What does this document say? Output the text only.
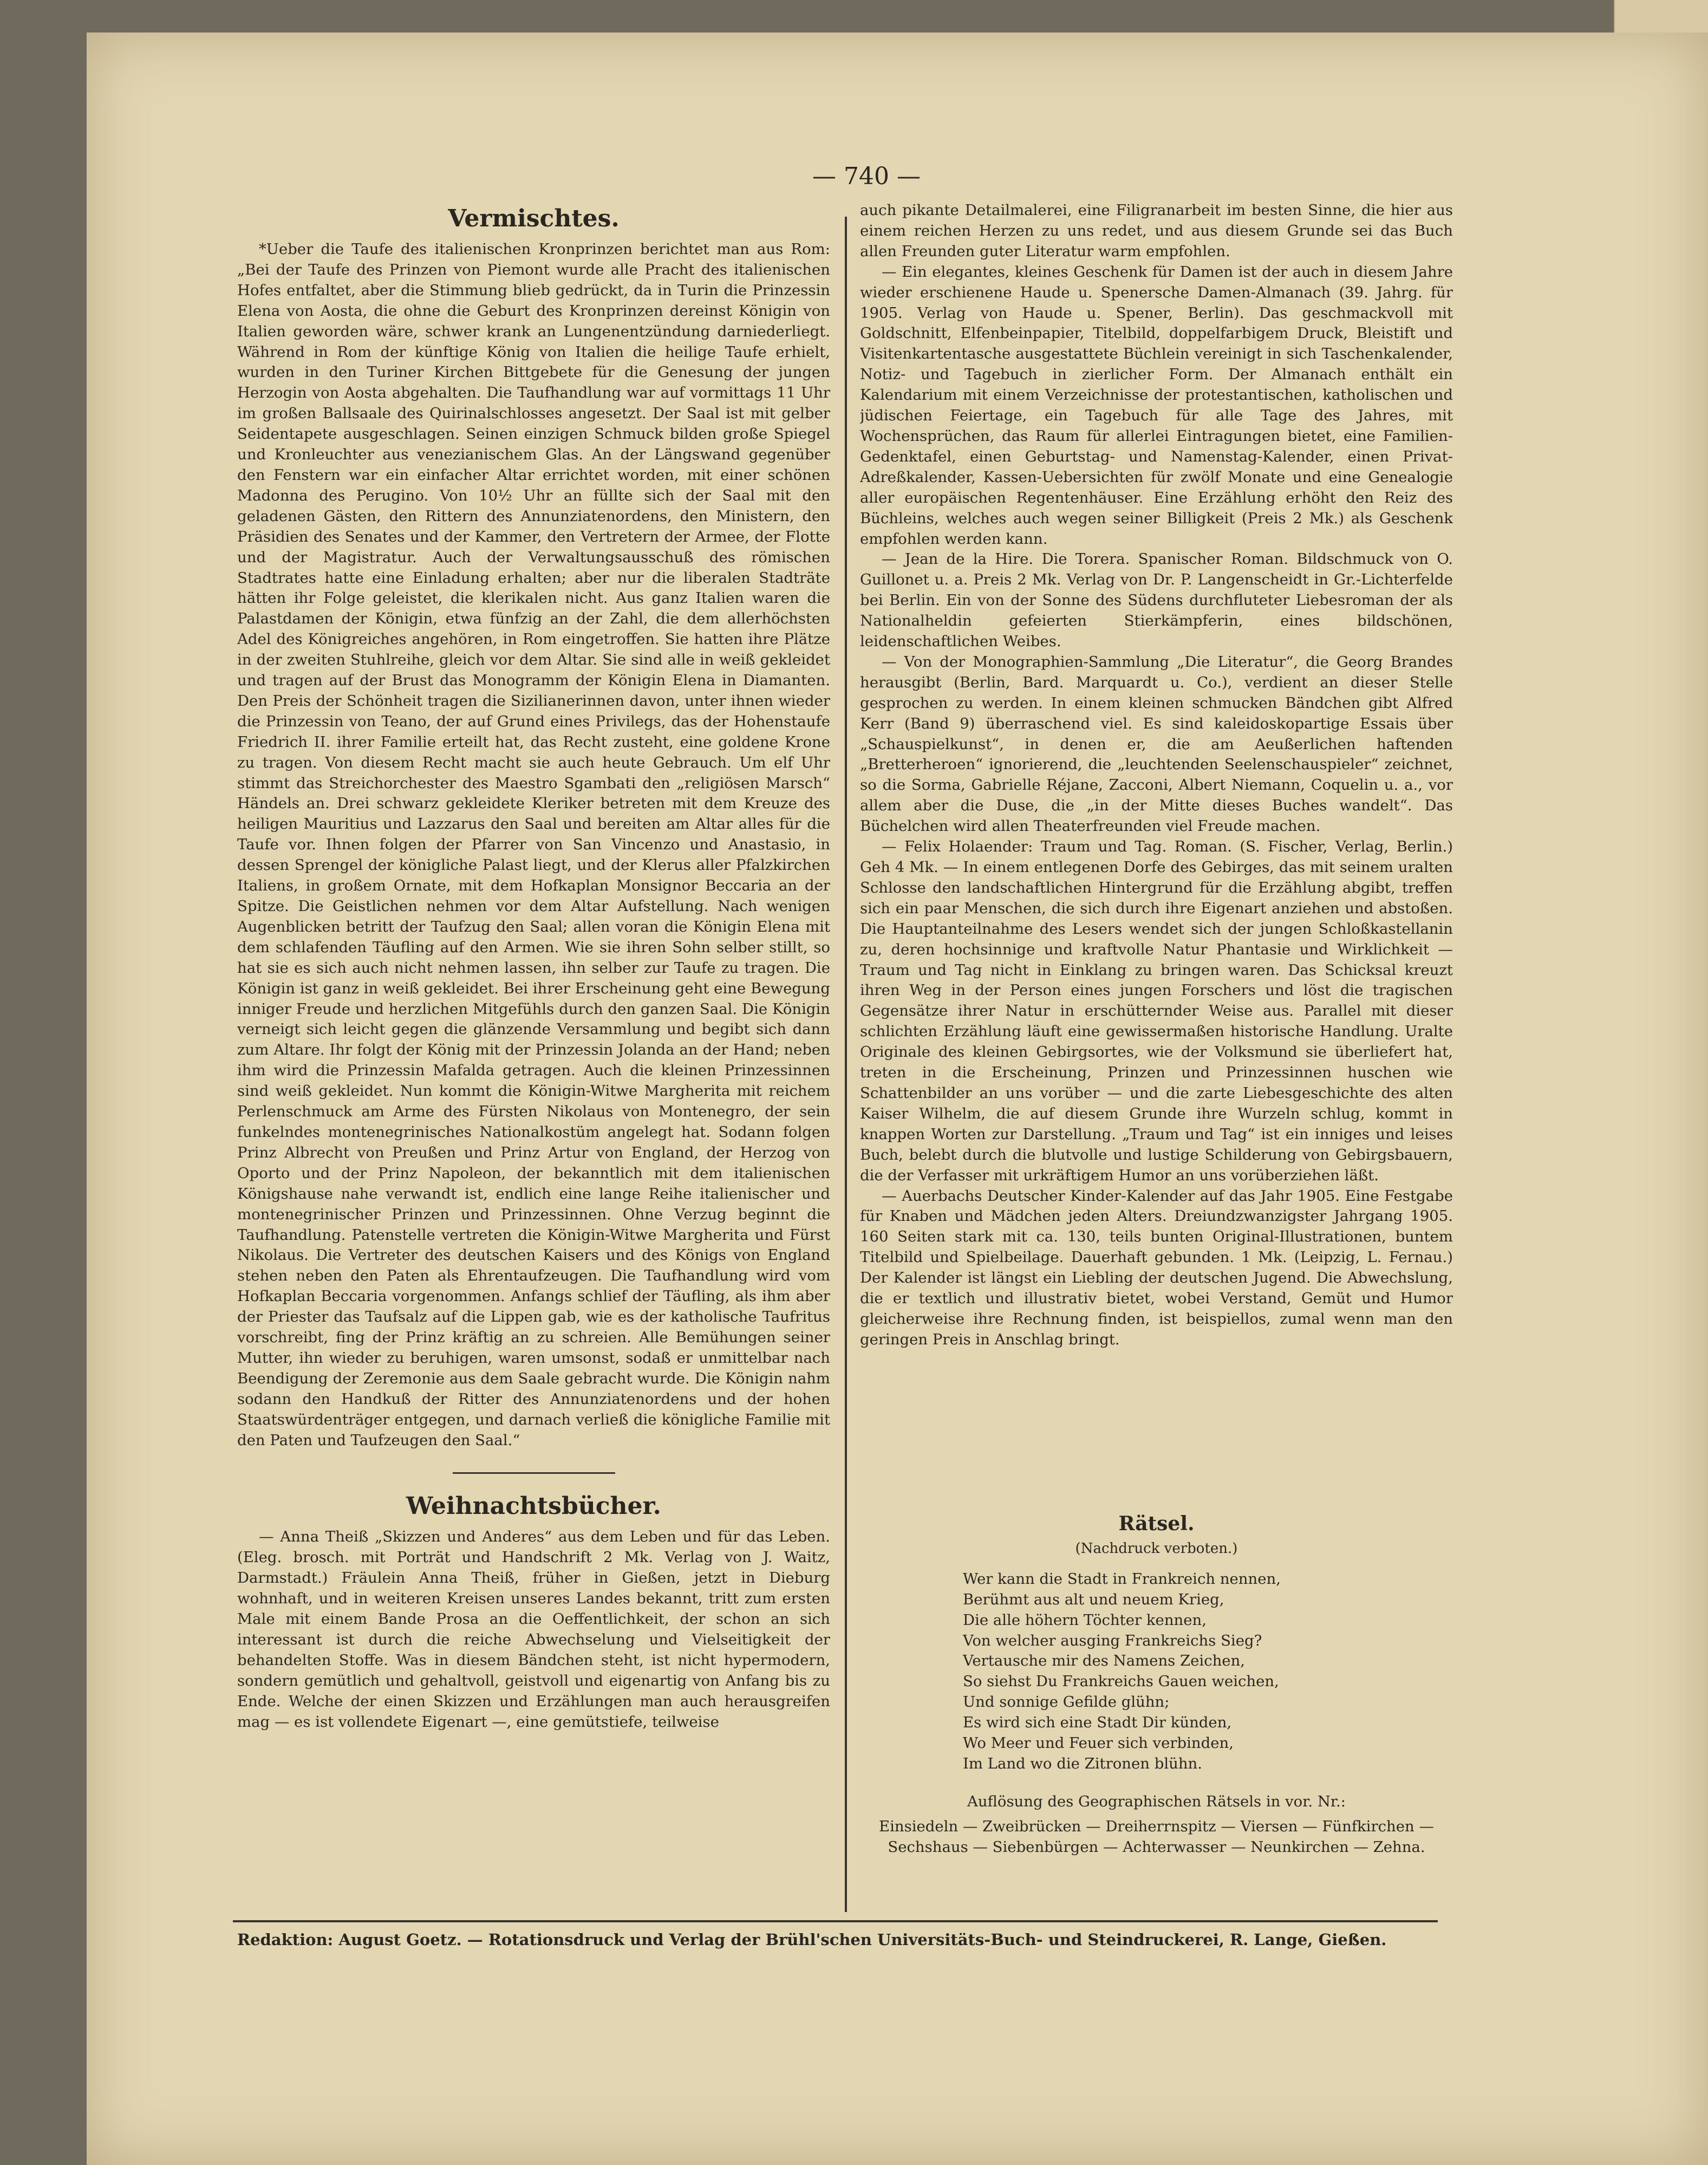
— 740 —
Vermischtes.

*Ueber die Taufe des italienischen Kronprinzen berichtet man aus Rom: „Bei der Taufe des Prinzen von Piemont wurde alle Pracht des italienischen Hofes entfaltet, aber die Stimmung blieb gedrückt, da in Turin die Prinzessin Elena von Aosta, die ohne die Geburt des Kronprinzen dereinst Königin von Italien geworden wäre, schwer krank an Lungenentzündung darniederliegt. Während in Rom der künftige König von Italien die heilige Taufe erhielt, wurden in den Turiner Kirchen Bittgebete für die Genesung der jungen Herzogin von Aosta abgehalten. Die Taufhandlung war auf vormittags 11 Uhr im großen Ballsaale des Quirinalschlosses angesetzt. Der Saal ist mit gelber Seidentapete ausgeschlagen. Seinen einzigen Schmuck bilden große Spiegel und Kronleuchter aus venezianischem Glas. An der Längswand gegenüber den Fenstern war ein einfacher Altar errichtet worden, mit einer schönen Madonna des Perugino. Von 10½ Uhr an füllte sich der Saal mit den geladenen Gästen, den Rittern des Annunziatenordens, den Ministern, den Präsidien des Senates und der Kammer, den Vertretern der Armee, der Flotte und der Magistratur. Auch der Verwaltungsausschuß des römischen Stadtrates hatte eine Einladung erhalten; aber nur die liberalen Stadträte hätten ihr Folge geleistet, die klerikalen nicht. Aus ganz Italien waren die Palastdamen der Königin, etwa fünfzig an der Zahl, die dem allerhöchsten Adel des Königreiches angehören, in Rom eingetroffen. Sie hatten ihre Plätze in der zweiten Stuhlreihe, gleich vor dem Altar. Sie sind alle in weiß gekleidet und tragen auf der Brust das Monogramm der Königin Elena in Diamanten. Den Preis der Schönheit tragen die Sizilianerinnen davon, unter ihnen wieder die Prinzessin von Teano, der auf Grund eines Privilegs, das der Hohenstaufe Friedrich II. ihrer Familie erteilt hat, das Recht zusteht, eine goldene Krone zu tragen. Von diesem Recht macht sie auch heute Gebrauch. Um elf Uhr stimmt das Streichorchester des Maestro Sgambati den „religiösen Marsch“ Händels an. Drei schwarz gekleidete Kleriker betreten mit dem Kreuze des heiligen Mauritius und Lazzarus den Saal und bereiten am Altar alles für die Taufe vor. Ihnen folgen der Pfarrer von San Vincenzo und Anastasio, in dessen Sprengel der königliche Palast liegt, und der Klerus aller Pfalzkirchen Italiens, in großem Ornate, mit dem Hofkaplan Monsignor Beccaria an der Spitze. Die Geistlichen nehmen vor dem Altar Aufstellung. Nach wenigen Augenblicken betritt der Taufzug den Saal; allen voran die Königin Elena mit dem schlafenden Täufling auf den Armen. Wie sie ihren Sohn selber stillt, so hat sie es sich auch nicht nehmen lassen, ihn selber zur Taufe zu tragen. Die Königin ist ganz in weiß gekleidet. Bei ihrer Erscheinung geht eine Bewegung inniger Freude und herzlichen Mitgefühls durch den ganzen Saal. Die Königin verneigt sich leicht gegen die glänzende Versammlung und begibt sich dann zum Altare. Ihr folgt der König mit der Prinzessin Jolanda an der Hand; neben ihm wird die Prinzessin Mafalda getragen. Auch die kleinen Prinzessinnen sind weiß gekleidet. Nun kommt die Königin-Witwe Margherita mit reichem Perlenschmuck am Arme des Fürsten Nikolaus von Montenegro, der sein funkelndes montenegrinisches Nationalkostüm angelegt hat. Sodann folgen Prinz Albrecht von Preußen und Prinz Artur von England, der Herzog von Oporto und der Prinz Napoleon, der bekanntlich mit dem italienischen Königshause nahe verwandt ist, endlich eine lange Reihe italienischer und montenegrinischer Prinzen und Prinzessinnen. Ohne Verzug beginnt die Taufhandlung. Patenstelle vertreten die Königin-Witwe Margherita und Fürst Nikolaus. Die Vertreter des deutschen Kaisers und des Königs von England stehen neben den Paten als Ehrentaufzeugen. Die Taufhandlung wird vom Hofkaplan Beccaria vorgenommen. Anfangs schlief der Täufling, als ihm aber der Priester das Taufsalz auf die Lippen gab, wie es der katholische Taufritus vorschreibt, fing der Prinz kräftig an zu schreien. Alle Bemühungen seiner Mutter, ihn wieder zu beruhigen, waren umsonst, sodaß er unmittelbar nach Beendigung der Zeremonie aus dem Saale gebracht wurde. Die Königin nahm sodann den Handkuß der Ritter des Annunziatenordens und der hohen Staatswürdenträger entgegen, und darnach verließ die königliche Familie mit den Paten und Taufzeugen den Saal.“

Weihnachtsbücher.

— Anna Theiß „Skizzen und Anderes“ aus dem Leben und für das Leben. (Eleg. brosch. mit Porträt und Handschrift 2 Mk. Verlag von J. Waitz, Darmstadt.) Fräulein Anna Theiß, früher in Gießen, jetzt in Dieburg wohnhaft, und in weiteren Kreisen unseres Landes bekannt, tritt zum ersten Male mit einem Bande Prosa an die Oeffentlichkeit, der schon an sich interessant ist durch die reiche Abwechselung und Vielseitigkeit der behandelten Stoffe. Was in diesem Bändchen steht, ist nicht hypermodern, sondern gemütlich und gehaltvoll, geistvoll und eigenartig von Anfang bis zu Ende. Welche der einen Skizzen und Erzählungen man auch herausgreifen mag — es ist vollendete Eigenart —, eine gemütstiefe, teilweise

auch pikante Detailmalerei, eine Filigranarbeit im besten Sinne, die hier aus einem reichen Herzen zu uns redet, und aus diesem Grunde sei das Buch allen Freunden guter Literatur warm empfohlen.

— Ein elegantes, kleines Geschenk für Damen ist der auch in diesem Jahre wieder erschienene Haude u. Spenersche Damen-Almanach (39. Jahrg. für 1905. Verlag von Haude u. Spener, Berlin). Das geschmackvoll mit Goldschnitt, Elfenbeinpapier, Titelbild, doppelfarbigem Druck, Bleistift und Visitenkartentasche ausgestattete Büchlein vereinigt in sich Taschenkalender, Notiz- und Tagebuch in zierlicher Form. Der Almanach enthält ein Kalendarium mit einem Verzeichnisse der protestantischen, katholischen und jüdischen Feiertage, ein Tagebuch für alle Tage des Jahres, mit Wochensprüchen, das Raum für allerlei Eintragungen bietet, eine Familien-Gedenktafel, einen Geburtstag- und Namenstag-Kalender, einen Privat-Adreßkalender, Kassen-Uebersichten für zwölf Monate und eine Genealogie aller europäischen Regentenhäuser. Eine Erzählung erhöht den Reiz des Büchleins, welches auch wegen seiner Billigkeit (Preis 2 Mk.) als Geschenk empfohlen werden kann.

— Jean de la Hire. Die Torera. Spanischer Roman. Bildschmuck von O. Guillonet u. a. Preis 2 Mk. Verlag von Dr. P. Langenscheidt in Gr.-Lichterfelde bei Berlin. Ein von der Sonne des Südens durchfluteter Liebesroman der als Nationalheldin gefeierten Stierkämpferin, eines bildschönen, leidenschaftlichen Weibes.

— Von der Monographien-Sammlung „Die Literatur“, die Georg Brandes herausgibt (Berlin, Bard. Marquardt u. Co.), verdient an dieser Stelle gesprochen zu werden. In einem kleinen schmucken Bändchen gibt Alfred Kerr (Band 9) überraschend viel. Es sind kaleidoskopartige Essais über „Schauspielkunst“, in denen er, die am Aeußerlichen haftenden „Bretterheroen“ ignorierend, die „leuchtenden Seelenschauspieler“ zeichnet, so die Sorma, Gabrielle Réjane, Zacconi, Albert Niemann, Coquelin u. a., vor allem aber die Duse, die „in der Mitte dieses Buches wandelt“. Das Büchelchen wird allen Theaterfreunden viel Freude machen.

— Felix Holaender: Traum und Tag. Roman. (S. Fischer, Verlag, Berlin.) Geh 4 Mk. — In einem entlegenen Dorfe des Gebirges, das mit seinem uralten Schlosse den landschaftlichen Hintergrund für die Erzählung abgibt, treffen sich ein paar Menschen, die sich durch ihre Eigenart anziehen und abstoßen. Die Hauptanteilnahme des Lesers wendet sich der jungen Schloßkastellanin zu, deren hochsinnige und kraftvolle Natur Phantasie und Wirklichkeit — Traum und Tag nicht in Einklang zu bringen waren. Das Schicksal kreuzt ihren Weg in der Person eines jungen Forschers und löst die tragischen Gegensätze ihrer Natur in erschütternder Weise aus. Parallel mit dieser schlichten Erzählung läuft eine gewissermaßen historische Handlung. Uralte Originale des kleinen Gebirgsortes, wie der Volksmund sie überliefert hat, treten in die Erscheinung, Prinzen und Prinzessinnen huschen wie Schattenbilder an uns vorüber — und die zarte Liebesgeschichte des alten Kaiser Wilhelm, die auf diesem Grunde ihre Wurzeln schlug, kommt in knappen Worten zur Darstellung. „Traum und Tag“ ist ein inniges und leises Buch, belebt durch die blutvolle und lustige Schilderung von Gebirgsbauern, die der Verfasser mit urkräftigem Humor an uns vorüberziehen läßt.

— Auerbachs Deutscher Kinder-Kalender auf das Jahr 1905. Eine Festgabe für Knaben und Mädchen jeden Alters. Dreiundzwanzigster Jahrgang 1905. 160 Seiten stark mit ca. 130, teils bunten Original-Illustrationen, buntem Titelbild und Spielbeilage. Dauerhaft gebunden. 1 Mk. (Leipzig, L. Fernau.) Der Kalender ist längst ein Liebling der deutschen Jugend. Die Abwechslung, die er textlich und illustrativ bietet, wobei Verstand, Gemüt und Humor gleicherweise ihre Rechnung finden, ist beispiellos, zumal wenn man den geringen Preis in Anschlag bringt.

Rätsel.
(Nachdruck verboten.)
Wer kann die Stadt in Frankreich nennen,
Berühmt aus alt und neuem Krieg,
Die alle höhern Töchter kennen,
Von welcher ausging Frankreichs Sieg?
Vertausche mir des Namens Zeichen,
So siehst Du Frankreichs Gauen weichen,
Und sonnige Gefilde glühn;
Es wird sich eine Stadt Dir künden,
Wo Meer und Feuer sich verbinden,
Im Land wo die Zitronen blühn.
Auflösung des Geographischen Rätsels in vor. Nr.:
Einsiedeln — Zweibrücken — Dreiherrnspitz — Viersen — Fünfkirchen — Sechshaus — Siebenbürgen — Achterwasser — Neunkirchen — Zehna.
Redaktion: August Goetz. — Rotationsdruck und Verlag der Brühl'schen Universitäts-Buch- und Steindruckerei, R. Lange, Gießen.
